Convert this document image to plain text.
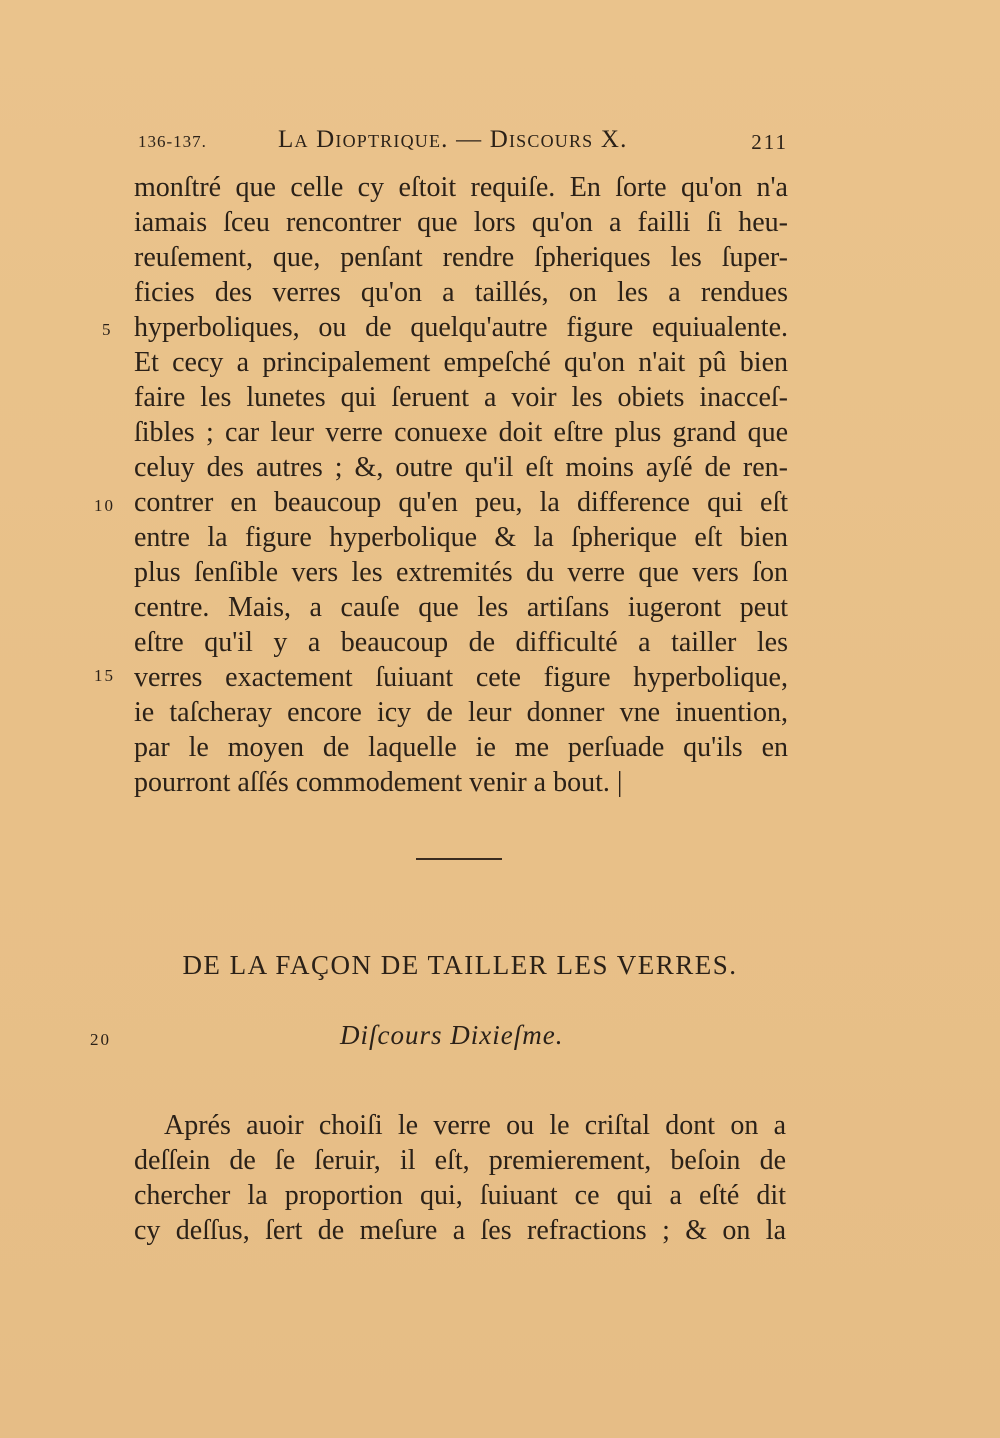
136-137.	La Dioptrique. — Discours X.	211
monſtré que celle cy eſtoit requiſe. En ſorte qu'on n'a
iamais ſceu rencontrer que lors qu'on a failli ſi heu-
reuſement, que, penſant rendre ſpheriques les ſuper-
ficies des verres qu'on a taillés, on les a rendues
hyperboliques, ou de quelqu'autre figure equiualente.
Et cecy a principalement empeſché qu'on n'ait pû bien
faire les lunetes qui ſeruent a voir les obiets inacceſ-
ſibles ; car leur verre conuexe doit eſtre plus grand que
celuy des autres ; &, outre qu'il eſt moins ayſé de ren-
contrer en beaucoup qu'en peu, la difference qui eſt
entre la figure hyperbolique & la ſpherique eſt bien
plus ſenſible vers les extremités du verre que vers ſon
centre. Mais, a cauſe que les artiſans iugeront peut
eſtre qu'il y a beaucoup de difficulté a tailler les
verres exactement ſuiuant cete figure hyperbolique,
ie taſcheray encore icy de leur donner vne inuention,
par le moyen de laquelle ie me perſuade qu'ils en
pourront aſſés commodement venir a bout. |
5
10
15
20
DE LA FAÇON DE TAILLER LES VERRES.
Diſcours Dixieſme.
Aprés auoir choiſi le verre ou le criſtal dont on a
deſſein de ſe ſeruir, il eſt, premierement, beſoin de
chercher la proportion qui, ſuiuant ce qui a eſté dit
cy deſſus, ſert de meſure a ſes refractions ; & on la
